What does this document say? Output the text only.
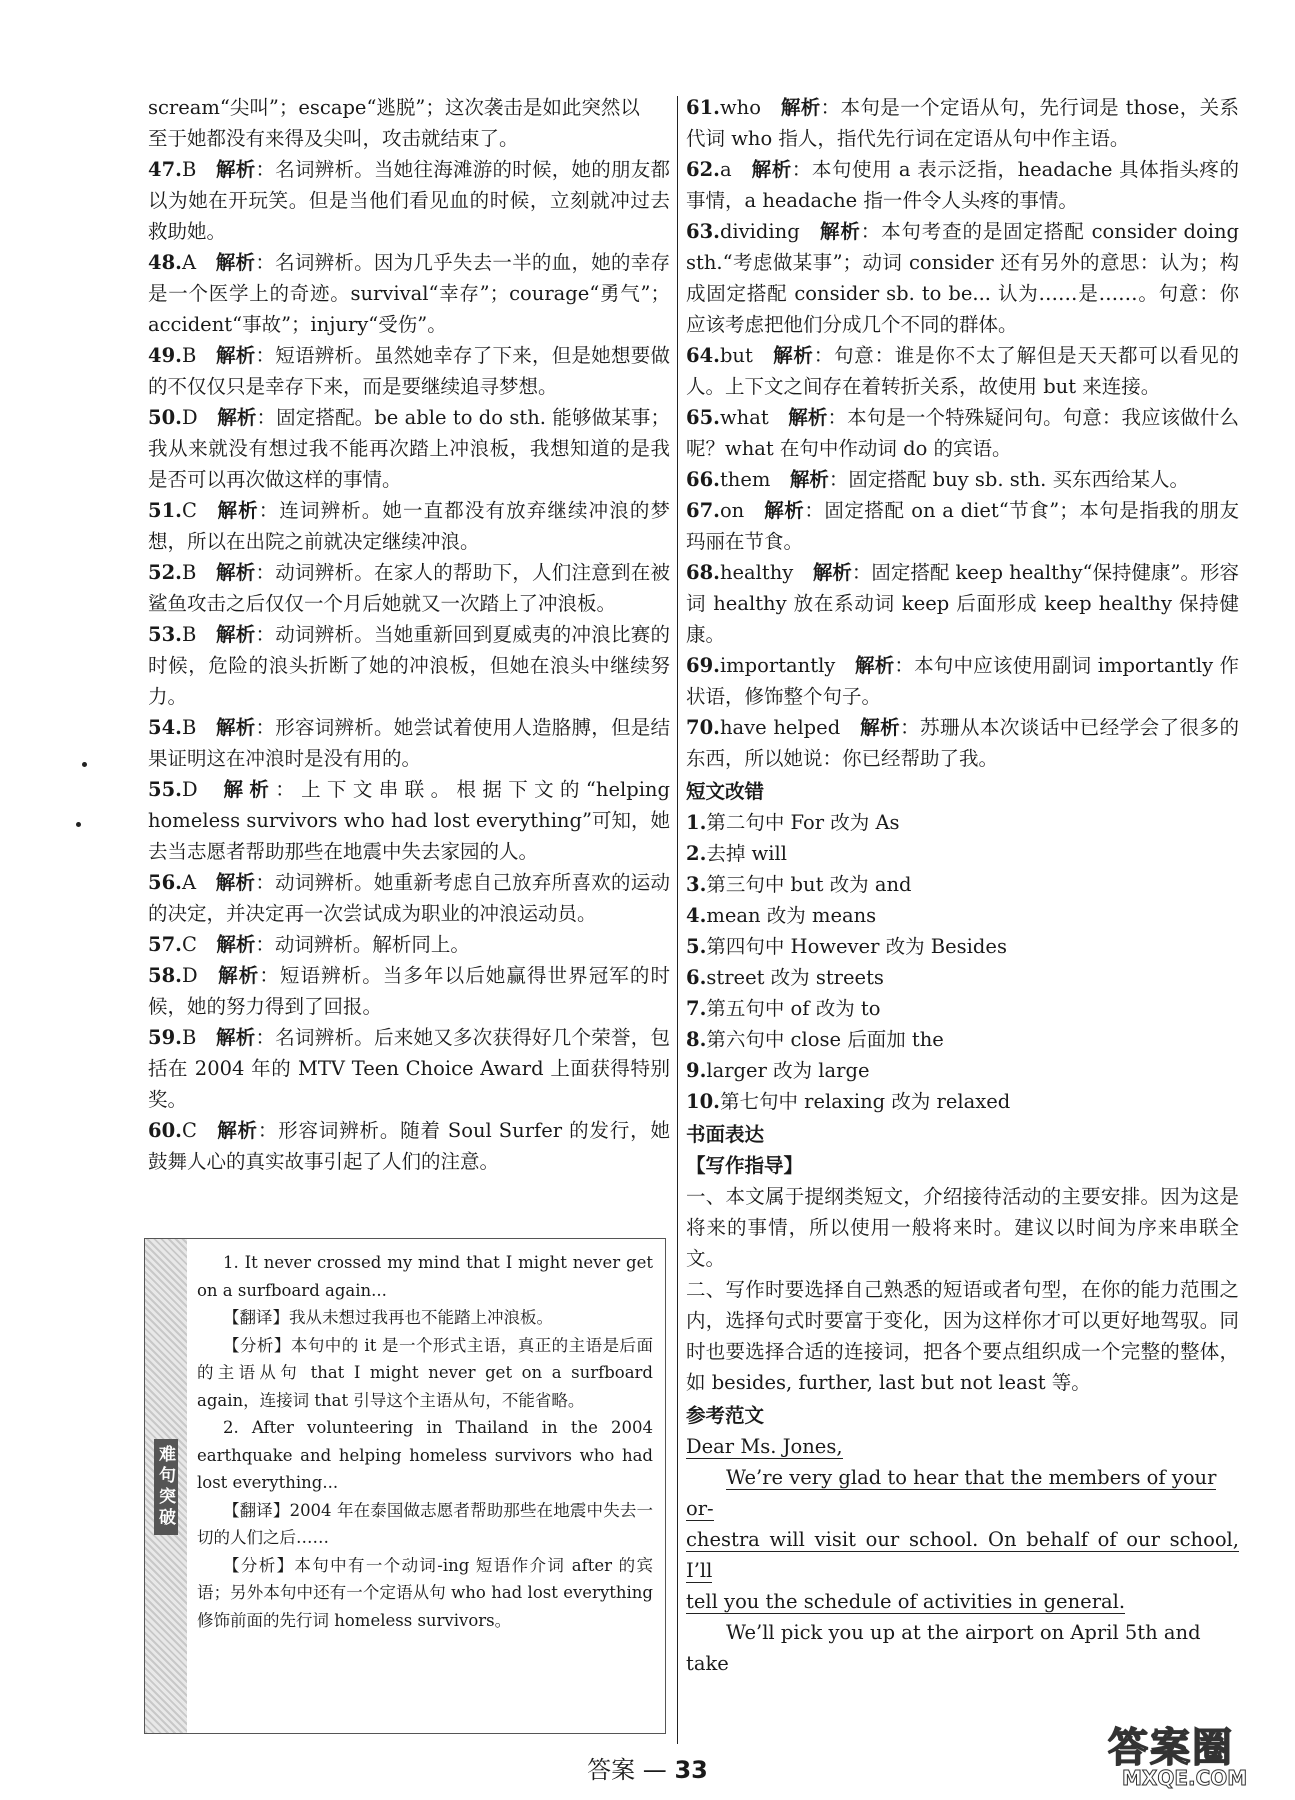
scream“尖叫”；escape“逃脱”；这次袭击是如此突然以

至于她都没有来得及尖叫，攻击就结束了。

47.B  解析：名词辨析。当她往海滩游的时候，她的朋友都以为她在开玩笑。但是当他们看见血的时候，立刻就冲过去救助她。

48.A  解析：名词辨析。因为几乎失去一半的血，她的幸存是一个医学上的奇迹。survival“幸存”；courage“勇气”；accident“事故”；injury“受伤”。

49.B  解析：短语辨析。虽然她幸存了下来，但是她想要做的不仅仅只是幸存下来，而是要继续追寻梦想。

50.D  解析：固定搭配。be able to do sth. 能够做某事；我从来就没有想过我不能再次踏上冲浪板，我想知道的是我是否可以再次做这样的事情。

51.C  解析：连词辨析。她一直都没有放弃继续冲浪的梦想，所以在出院之前就决定继续冲浪。

52.B  解析：动词辨析。在家人的帮助下，人们注意到在被鲨鱼攻击之后仅仅一个月后她就又一次踏上了冲浪板。

53.B  解析：动词辨析。当她重新回到夏威夷的冲浪比赛的时候，危险的浪头折断了她的冲浪板，但她在浪头中继续努力。

54.B  解析：形容词辨析。她尝试着使用人造胳膊，但是结果证明这在冲浪时是没有用的。

55.D  解析：上下文串联。根据下文的“helping homeless survivors who had lost everything”可知，她去当志愿者帮助那些在地震中失去家园的人。

56.A  解析：动词辨析。她重新考虑自己放弃所喜欢的运动的决定，并决定再一次尝试成为职业的冲浪运动员。

57.C  解析：动词辨析。解析同上。

58.D  解析：短语辨析。当多年以后她赢得世界冠军的时候，她的努力得到了回报。

59.B  解析：名词辨析。后来她又多次获得好几个荣誉，包括在 2004 年的 MTV Teen Choice Award 上面获得特别奖。

60.C  解析：形容词辨析。随着 Soul Surfer 的发行，她鼓舞人心的真实故事引起了人们的注意。

难句突破

1. It never crossed my mind that I might never get on a surfboard again...

【翻译】我从未想过我再也不能踏上冲浪板。

【分析】本句中的 it 是一个形式主语，真正的主语是后面的主语从句 that I might never get on a surfboard again，连接词 that 引导这个主语从句，不能省略。

2. After volunteering in Thailand in the 2004 earthquake and helping homeless survivors who had lost everything...

【翻译】2004 年在泰国做志愿者帮助那些在地震中失去一切的人们之后……

【分析】本句中有一个动词-ing 短语作介词 after 的宾语；另外本句中还有一个定语从句 who had lost everything 修饰前面的先行词 homeless survivors。

61.who  解析：本句是一个定语从句，先行词是 those，关系代词 who 指人，指代先行词在定语从句中作主语。

62.a  解析：本句使用 a 表示泛指，headache 具体指头疼的事情，a headache 指一件令人头疼的事情。

63.dividing  解析：本句考查的是固定搭配 consider doing sth.“考虑做某事”；动词 consider 还有另外的意思：认为；构成固定搭配 consider sb. to be... 认为……是……。句意：你应该考虑把他们分成几个不同的群体。

64.but  解析：句意：谁是你不太了解但是天天都可以看见的人。上下文之间存在着转折关系，故使用 but 来连接。

65.what  解析：本句是一个特殊疑问句。句意：我应该做什么呢？what 在句中作动词 do 的宾语。

66.them  解析：固定搭配 buy sb. sth. 买东西给某人。

67.on  解析：固定搭配 on a diet“节食”；本句是指我的朋友玛丽在节食。

68.healthy  解析：固定搭配 keep healthy“保持健康”。形容词 healthy 放在系动词 keep 后面形成 keep healthy 保持健康。

69.importantly  解析：本句中应该使用副词 importantly 作状语，修饰整个句子。

70.have helped  解析：苏珊从本次谈话中已经学会了很多的东西，所以她说：你已经帮助了我。

短文改错

1.第二句中 For 改为 As

2.去掉 will

3.第三句中 but 改为 and

4.mean 改为 means

5.第四句中 However 改为 Besides

6.street 改为 streets

7.第五句中 of 改为 to

8.第六句中 close 后面加 the

9.larger 改为 large

10.第七句中 relaxing 改为 relaxed

书面表达

【写作指导】

一、本文属于提纲类短文，介绍接待活动的主要安排。因为这是将来的事情，所以使用一般将来时。建议以时间为序来串联全文。

二、写作时要选择自己熟悉的短语或者句型，在你的能力范围之内，选择句式时要富于变化，因为这样你才可以更好地驾驭。同时也要选择合适的连接词，把各个要点组织成一个完整的整体，如 besides, further, last but not least 等。

参考范文

Dear Ms. Jones,

We’re very glad to hear that the members of your or-

chestra will visit our school. On behalf of our school, I’ll

tell you the schedule of activities in general.

We’ll pick you up at the airport on April 5th and take

答案 — 33	答案圈
MXQE.COM
